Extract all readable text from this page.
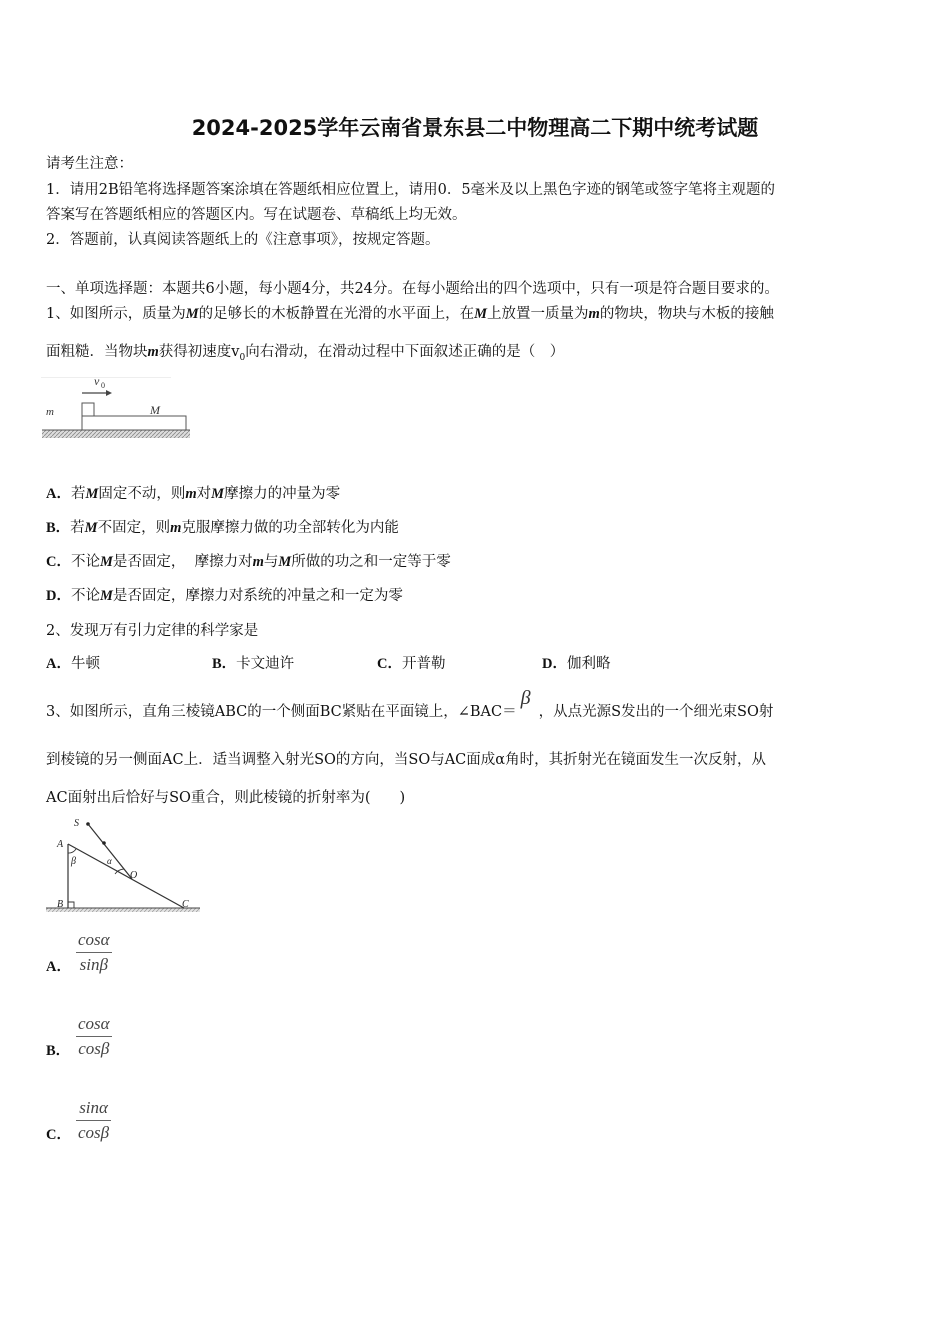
2024-2025学年云南省景东县二中物理高二下期中统考试题
请考生注意：
1．请用2B铅笔将选择题答案涂填在答题纸相应位置上，请用0．5毫米及以上黑色字迹的钢笔或签字笔将主观题的
答案写在答题纸相应的答题区内。写在试题卷、草稿纸上均无效。
2．答题前，认真阅读答题纸上的《注意事项》，按规定答题。
一、单项选择题：本题共6小题，每小题4分，共24分。在每小题给出的四个选项中，只有一项是符合题目要求的。
1、如图所示，质量为M的足够长的木板静置在光滑的水平面上，在M上放置一质量为m的物块，物块与木板的接触
面粗糙．当物块m获得初速度$v_0$向右滑动，在滑动过程中下面叙述正确的是（　）
v 0
m	M
A．若M固定不动，则m对M摩擦力的冲量为零
B．若M不固定，则m克服摩擦力做的功全部转化为内能
C．不论M是否固定，  摩擦力对m与M所做的功之和一定等于零
D．不论M是否固定，摩擦力对系统的冲量之和一定为零
2、发现万有引力定律的科学家是
A．牛顿	B．卡文迪许	C．开普勒	D．伽利略
3、如图所示，直角三棱镜ABC的一个侧面BC紧贴在平面镜上，∠BAC＝β，从点光源S发出的一个细光束SO射
到棱镜的另一侧面AC上．适当调整入射光SO的方向，当SO与AC面成α角时，其折射光在镜面发生一次反射，从
AC面射出后恰好与SO重合，则此棱镜的折射率为(　　)
S
A
β	α
O
B	C
A． $\frac{\cos\alpha}{\sin\beta}$
B． $\frac{\cos\alpha}{\cos\beta}$
C． $\frac{\sin\alpha}{\cos\beta}$
